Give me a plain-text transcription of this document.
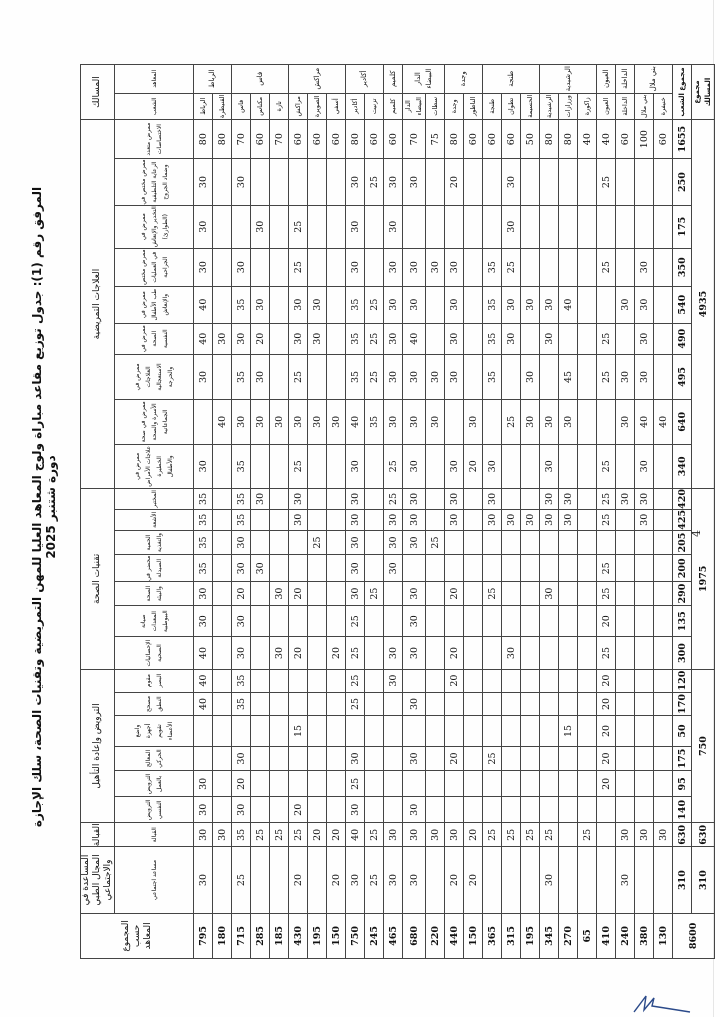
المرفق رقم (1): جدول توزيع مقاعد مباراة ولوج المعاهد العليا للمهن التمريضية وتقنيات الصحة، سلك الإجازة دورة شتنبر 2025
المسالك		العلاجات التمريضية									تقنيات الصحة							الترويض وإعادة التأهيل						القبالة	المساعدة في المجال الطبي والاجتماعي	المجموع حسب المعاهد
المعاهد	الشعب	ممرض متعدد الاختصاصات	ممرض مختص في الرعاية التلطيفية وضماد الجروح	ممرض في التخدير والإنعاش (الطوارئ)	ممرض مختص في العمليات الجراحية	ممرض في طب الأطفال والإنعاش	ممرض في الصحة النفسية	ممرض في العلاجات الاستعجالية والحرجة	ممرض في صحة الأسرة والصحة الجماعاتية	ممرض في علاجات الأمراض الخطيرة والأطفال	المختبر	الأشعة	الحمية والتغذية	محضر في الصيدلة	الصحة والبيئة	صيانة المعدات البيوطبية	الإحصائيات الصحية	مقوم البصر	مصحح النطق	واضع أجهزة تقويم الأعضاء	المعالج الحركي	الترويض بالعمل	الترويض النفسي	القبالة	مساعد اجتماعي	
الرباط	الرباط	80	30	30	30	40	40	30		30	35	35	35	35	30	30	40	40	40			30	30	30	30	795
	القنيطرة	80					30		40															30		180
فاس	فاس	70	30		30	35	30	35	30	35	35	35	30	30	20	30	30	35	35		30	20	30	35	25	715
	مكناس	60		30		30	20	30	30		30			30										25		285
	تازة	70							30						30		30							25		185
مراكش	مراكش	60		25	25	30	30	25	30	25	30	30			20		20			15			20	25	20	430
	الصويرة	60				30	30		30				25											20		195
	أسفي	60							30								20							20	20	150
أكادير	أكادير	80	30	30	30	35	35	35	40	30	30	30	30	30	30	25	25	25	25		30	25	30	40	30	750
	تزنيت	60	25			25	25	25	35						25									25	25	245
كلميم	كلميم	60	30	30	30	30	30	30	30	25	25	30	30	30			30	30						30	30	465
الدار البيضاء	الدار البيضاء	70	30		30	30	40	30	30	30	30	30	30		30	30	30		30		30		30	30	30	680
	سطات	75			30			30	30				25											30		220
وجدة	وجدة	80	20		30	30	30	30		30	30	30			20		20	20			20			30	20	440
	الناظور	60							30	20														20	20	150
طنجة	طنجة	60			35	35	35	35		30	30	30			25						25			25		365
	تطوان	60	30	30	25	30	30		25			30					30							25		315
	الحسيمة	50				30		30	30			30												25		195
الرشيدية	الرشيدية	80				30	30		30	30	30	30			30									25	30	345
	ورزازات	80				40		45	30		30	30								15						270
	زاكورة	40																						25		65
العيون	العيون	40	25		25		25	25		25	25	25		25	25	20	25	20	20	20	20	20				410
الداخلة	الداخلة	60				30		30	30		30													30	30	240
بني ملال	بني ملال	100			30	30	30	30	40	30	30	30												30		380
	خنيفرة	60							40															30		130
مجموع الشعب		1655	250	175	350	540	490	495	640	340	420	425	205	200	290	135	300	120	170	50	175	95	140	630	310	8600
مجموع المسالك		4935									1975							750						630	310	
4
